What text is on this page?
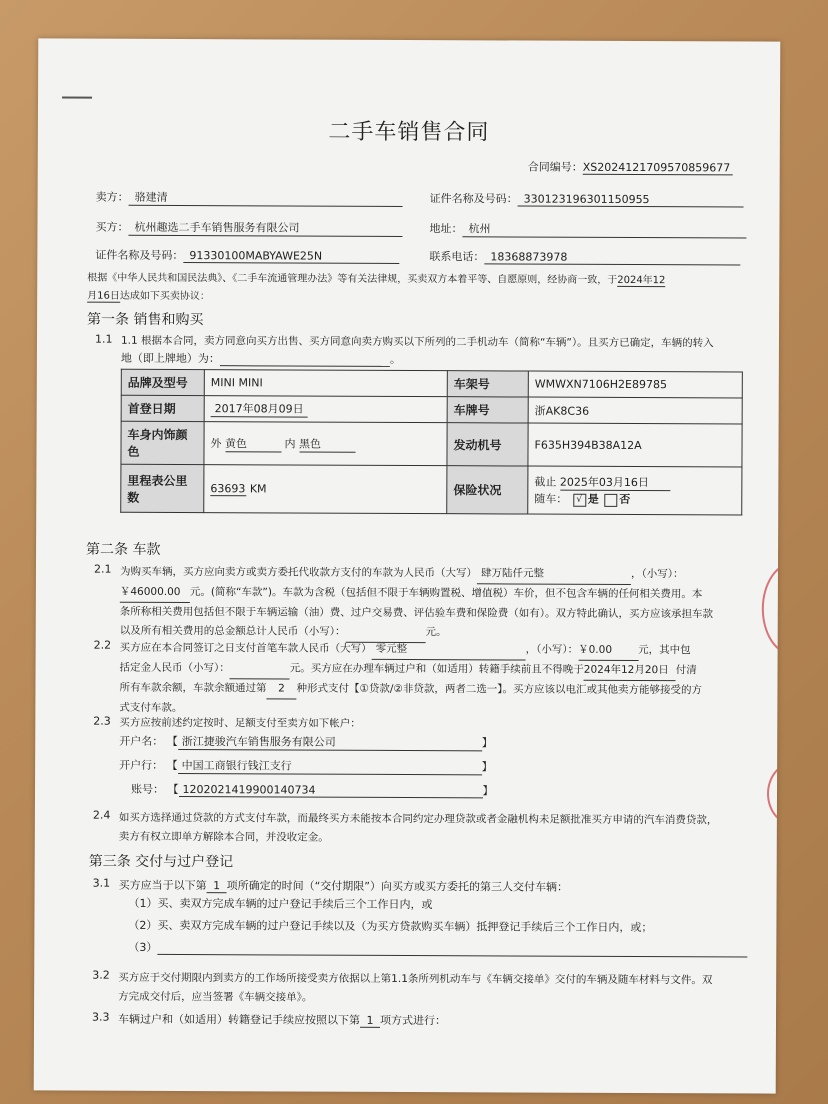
二手车销售合同
合同编号：XS2024121709570859677
卖方： 骆建清	证件名称及号码： 330123196301150955
买方： 杭州趣选二手车销售服务有限公司	地址： 杭州
证件名称及号码： 91330100MABYAWE25N	联系电话： 18368873978
根据《中华人民共和国民法典》、《二手车流通管理办法》等有关法律规，买卖双方本着平等、自愿原则，经协商一致，于2024年12
月16日达成如下买卖协议：
第一条 销售和购买
1.1 1.1 根据本合同，卖方同意向买方出售、买方同意向卖方购买以下所列的二手机动车（简称“车辆”）。且买方已确定，车辆的转入
地（即上牌地）为：	。
品牌及型号	MINI MINI	车架号	WMWXN7106H2E89785
首登日期	2017年08月09日	车牌号	浙AK8C36
车身内饰颜色	外 黄色 内 黑色	发动机号	F635H394B38A12A
里程表公里数	63693 KM	保险状况	截止 2025年03月16日
随车： √ 是 否
第二条 车款
2.1 为购买车辆，买方应向卖方或卖方委托代收款方支付的车款为人民币（大写） 肆万陆仟元整	，（小写）：
￥46000.00 元。(简称“车款”)。车款为含税（包括但不限于车辆购置税、增值税）车价，但不包含车辆的任何相关费用。本
条所称相关费用包括但不限于车辆运输（油）费、过户交易费、评估验车费和保险费（如有）。双方特此确认，买方应该承担车款
以及所有相关费用的总金额总计人民币（小写）：	元。
2.2 买方应在本合同签订之日支付首笔车款人民币（大写） 零元整	，（小写）：￥0.00 元，其中包
括定金人民币（小写）：	元。买方应在办理车辆过户和（如适用）转籍手续前且不得晚于2024年12月20日 付清
所有车款余额，车款余额通过第 2 种形式支付【①贷款/②非贷款，两者二选一】。买方应该以电汇或其他卖方能够接受的方
式支付车款。
2.3 买方应按前述约定按时、足额支付至卖方如下帐户：
开户名： 【 浙江捷骏汽车销售服务有限公司	】
开户行： 【 中国工商银行钱江支行	】
账号： 【 1202021419900140734	】
2.4 如买方选择通过贷款的方式支付车款，而最终买方未能按本合同约定办理贷款或者金融机构未足额批准买方申请的汽车消费贷款，
卖方有权立即单方解除本合同，并没收定金。
第三条 交付与过户登记
3.1 买方应当于以下第 1 项所确定的时间（“交付期限”）向买方或买方委托的第三人交付车辆：
（1）买、卖双方完成车辆的过户登记手续后三个工作日内，或
（2）买、卖双方完成车辆的过户登记手续以及（为买方贷款购买车辆）抵押登记手续后三个工作日内，或；
（3）
3.2 买方应于交付期限内到卖方的工作场所接受卖方依据以上第1.1条所列机动车与《车辆交接单》交付的车辆及随车材料与文件。双
方完成交付后，应当签署《车辆交接单》。
3.3 车辆过户和（如适用）转籍登记手续应按照以下第 1 项方式进行：
